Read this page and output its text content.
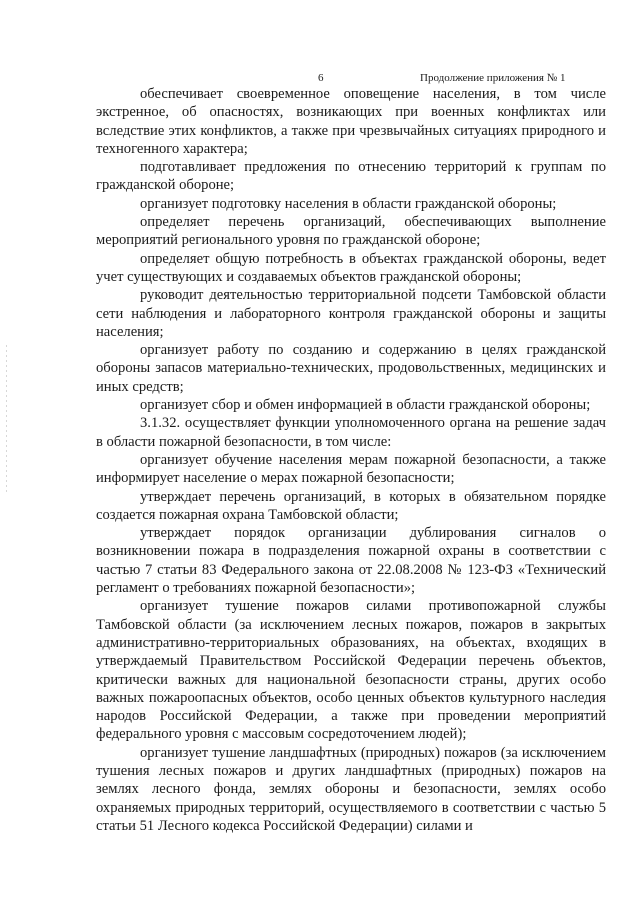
6	Продолжение приложения № 1

обеспечивает своевременное оповещение населения, в том числе экстренное, об опасностях, возникающих при военных конфликтах или вследствие этих конфликтов, а также при чрезвычайных ситуациях природного и техногенного характера;

подготавливает предложения по отнесению территорий к группам по гражданской обороне;

организует подготовку населения в области гражданской обороны;

определяет перечень организаций, обеспечивающих выполнение мероприятий регионального уровня по гражданской обороне;

определяет общую потребность в объектах гражданской обороны, ведет учет существующих и создаваемых объектов гражданской обороны;

руководит деятельностью территориальной подсети Тамбовской области сети наблюдения и лабораторного контроля гражданской обороны и защиты населения;

организует работу по созданию и содержанию в целях гражданской обороны запасов материально-технических, продовольственных, медицинских и иных средств;

организует сбор и обмен информацией в области гражданской обороны;

3.1.32. осуществляет функции уполномоченного органа на решение задач в области пожарной безопасности, в том числе:

организует обучение населения мерам пожарной безопасности, а также информирует население о мерах пожарной безопасности;

утверждает перечень организаций, в которых в обязательном порядке создается пожарная охрана Тамбовской области;

утверждает порядок организации дублирования сигналов о возникновении пожара в подразделения пожарной охраны в соответствии с частью 7 статьи 83 Федерального закона от 22.08.2008 № 123-ФЗ «Технический регламент о требованиях пожарной безопасности»;

организует тушение пожаров силами противопожарной службы Тамбовской области (за исключением лесных пожаров, пожаров в закрытых административно-территориальных образованиях, на объектах, входящих в утверждаемый Правительством Российской Федерации перечень объектов, критически важных для национальной безопасности страны, других особо важных пожароопасных объектов, особо ценных объектов культурного наследия народов Российской Федерации, а также при проведении мероприятий федерального уровня с массовым сосредоточением людей);

организует тушение ландшафтных (природных) пожаров (за исключением тушения лесных пожаров и других ландшафтных (природных) пожаров на землях лесного фонда, землях обороны и безопасности, землях особо охраняемых природных территорий, осуществляемого в соответствии с частью 5 статьи 51 Лесного кодекса Российской Федерации) силами и
